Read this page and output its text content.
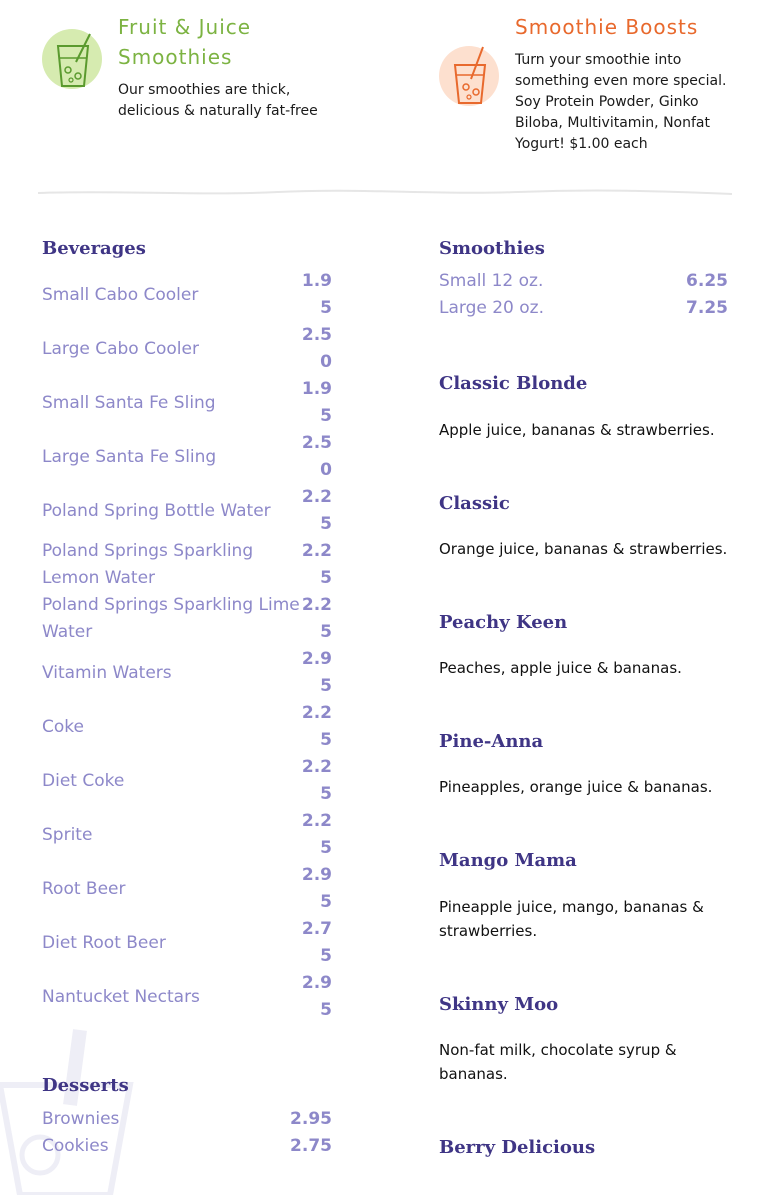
Fruit & Juice
Smoothies
Our smoothies are thick,
delicious & naturally fat-free
Smoothie Boosts
Turn your smoothie into
something even more special.
Soy Protein Powder, Ginko
Biloba, Multivitamin, Nonfat
Yogurt! $1.00 each
Beverages
Small Cabo Cooler
1.95
Large Cabo Cooler
2.50
Small Santa Fe Sling
1.95
Large Santa Fe Sling
2.50
Poland Spring Bottle Water
2.25
Poland Springs Sparkling Lemon Water
2.25
Poland Springs Sparkling Lime Water
2.25
Vitamin Waters
2.95
Coke
2.25
Diet Coke
2.25
Sprite
2.25
Root Beer
2.95
Diet Root Beer
2.75
Nantucket Nectars
2.95
Desserts
Brownies	2.95
Cookies	2.75
Smoothies
Small 12 oz.	6.25
Large 20 oz.	7.25
Classic Blonde
Apple juice, bananas & strawberries.
Classic
Orange juice, bananas & strawberries.
Peachy Keen
Peaches, apple juice & bananas.
Pine-Anna
Pineapples, orange juice & bananas.
Mango Mama
Pineapple juice, mango, bananas & strawberries.
Skinny Moo
Non-fat milk, chocolate syrup & bananas.
Berry Delicious
